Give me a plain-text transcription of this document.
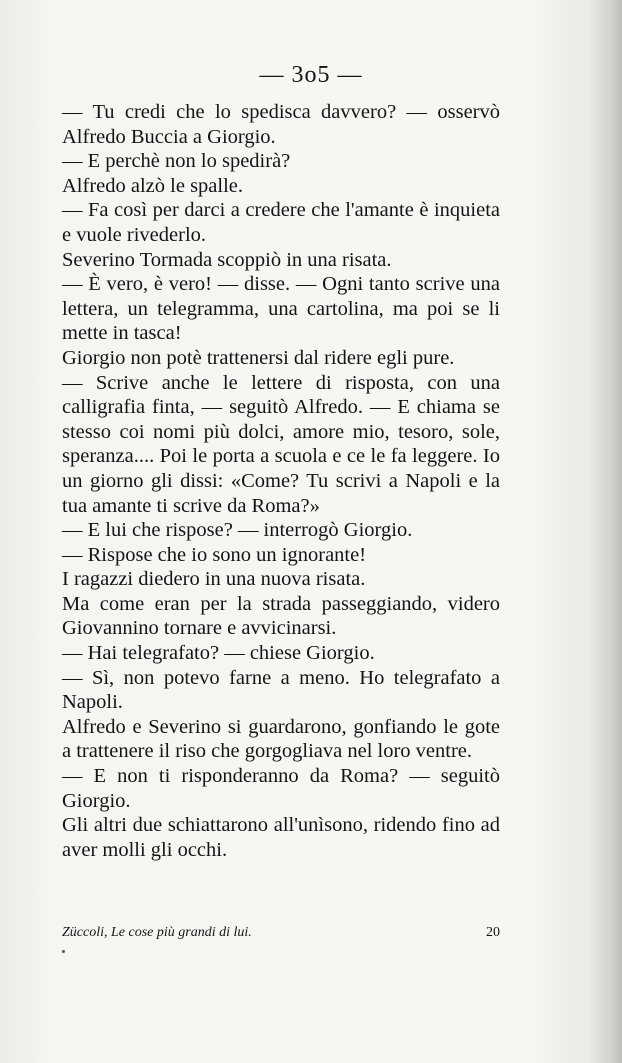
— 3o5 —

— Tu credi che lo spedisca davvero? — osservò Alfredo Buccia a Giorgio.

— E perchè non lo spedirà?

Alfredo alzò le spalle.

— Fa così per darci a credere che l'amante è inquieta e vuole rivederlo.

Severino Tormada scoppiò in una risata.

— È vero, è vero! — disse. — Ogni tanto scrive una lettera, un telegramma, una cartolina, ma poi se li mette in tasca!

Giorgio non potè trattenersi dal ridere egli pure.

— Scrive anche le lettere di risposta, con una calligrafia finta, — seguitò Alfredo. — E chiama se stesso coi nomi più dolci, amore mio, tesoro, sole, speranza.... Poi le porta a scuola e ce le fa leggere. Io un giorno gli dissi: «Come? Tu scrivi a Napoli e la tua amante ti scrive da Roma?»

— E lui che rispose? — interrogò Giorgio.

— Rispose che io sono un ignorante!

I ragazzi diedero in una nuova risata.

Ma come eran per la strada passeggiando, videro Giovannino tornare e avvicinarsi.

— Hai telegrafato? — chiese Giorgio.

— Sì, non potevo farne a meno. Ho telegrafato a Napoli.

Alfredo e Severino si guardarono, gonfiando le gote a trattenere il riso che gorgogliava nel loro ventre.

— E non ti risponderanno da Roma? — seguitò Giorgio.

Gli altri due schiattarono all'unìsono, ridendo fino ad aver molli gli occhi.

Züccoli, Le cose più grandi di lui.	20
